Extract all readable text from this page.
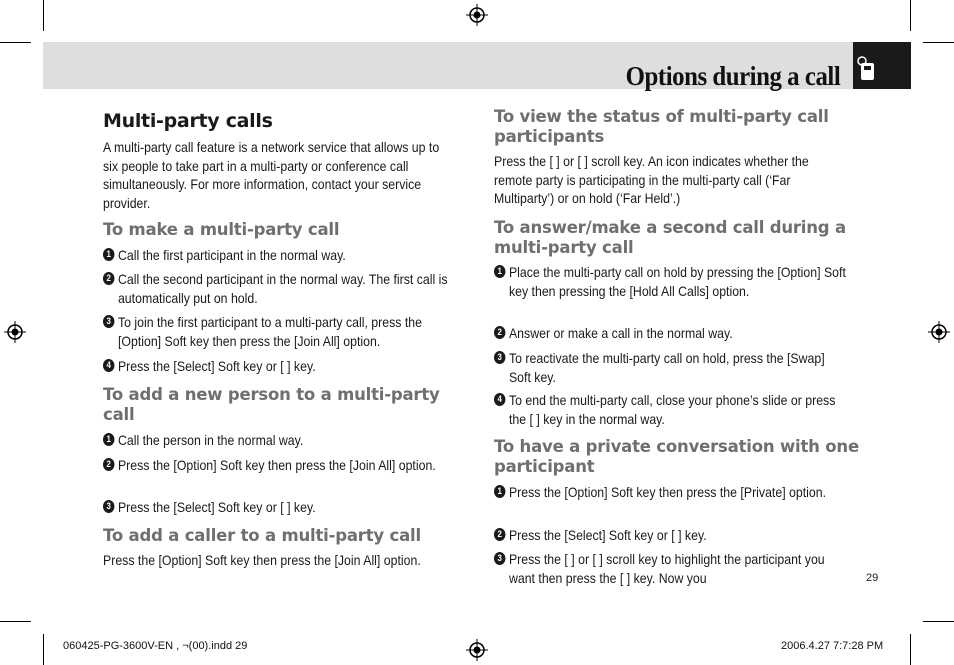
Options during a call
Multi-party calls

A multi-party call feature is a network service that allows up to six people to take part in a multi-party or conference call simultaneously. For more information, contact your service provider.

To make a multi-party call
1 Call the first participant in the normal way.
2 Call the second participant in the normal way. The first call is automatically put on hold.
3 To join the first participant to a multi-party call, press the [Option] Soft key then press the [Join All] option.
4 Press the [Select] Soft key or [ ] key.
To add a new person to a multi-party call
1 Call the person in the normal way.
2 Press the [Option] Soft key then press the [Join All] option.
3 Press the [Select] Soft key or [ ] key.
To add a caller to a multi-party call

Press the [Option] Soft key then press the [Join All] option.

To view the status of multi-party call participants

Press the [ ] or [ ] scroll key. An icon indicates whether the remote party is participating in the multi-party call (‘Far Multiparty’) or on hold (‘Far Held’.)

To answer/make a second call during a multi-party call
1 Place the multi-party call on hold by pressing the [Option] Soft key then pressing the [Hold All Calls] option.
2 Answer or make a call in the normal way.
3 To reactivate the multi-party call on hold, press the [Swap] Soft key.
4 To end the multi-party call, close your phone’s slide or press the [ ] key in the normal way.
To have a private conversation with one participant
1 Press the [Option] Soft key then press the [Private] option.
2 Press the [Select] Soft key or [ ] key.
3 Press the [ ] or [ ] scroll key to highlight the participant you want then press the [ ] key. Now you	29
060425-PG-3600V-EN , ¬(00).indd 29	2006.4.27 7:7:28 PM
